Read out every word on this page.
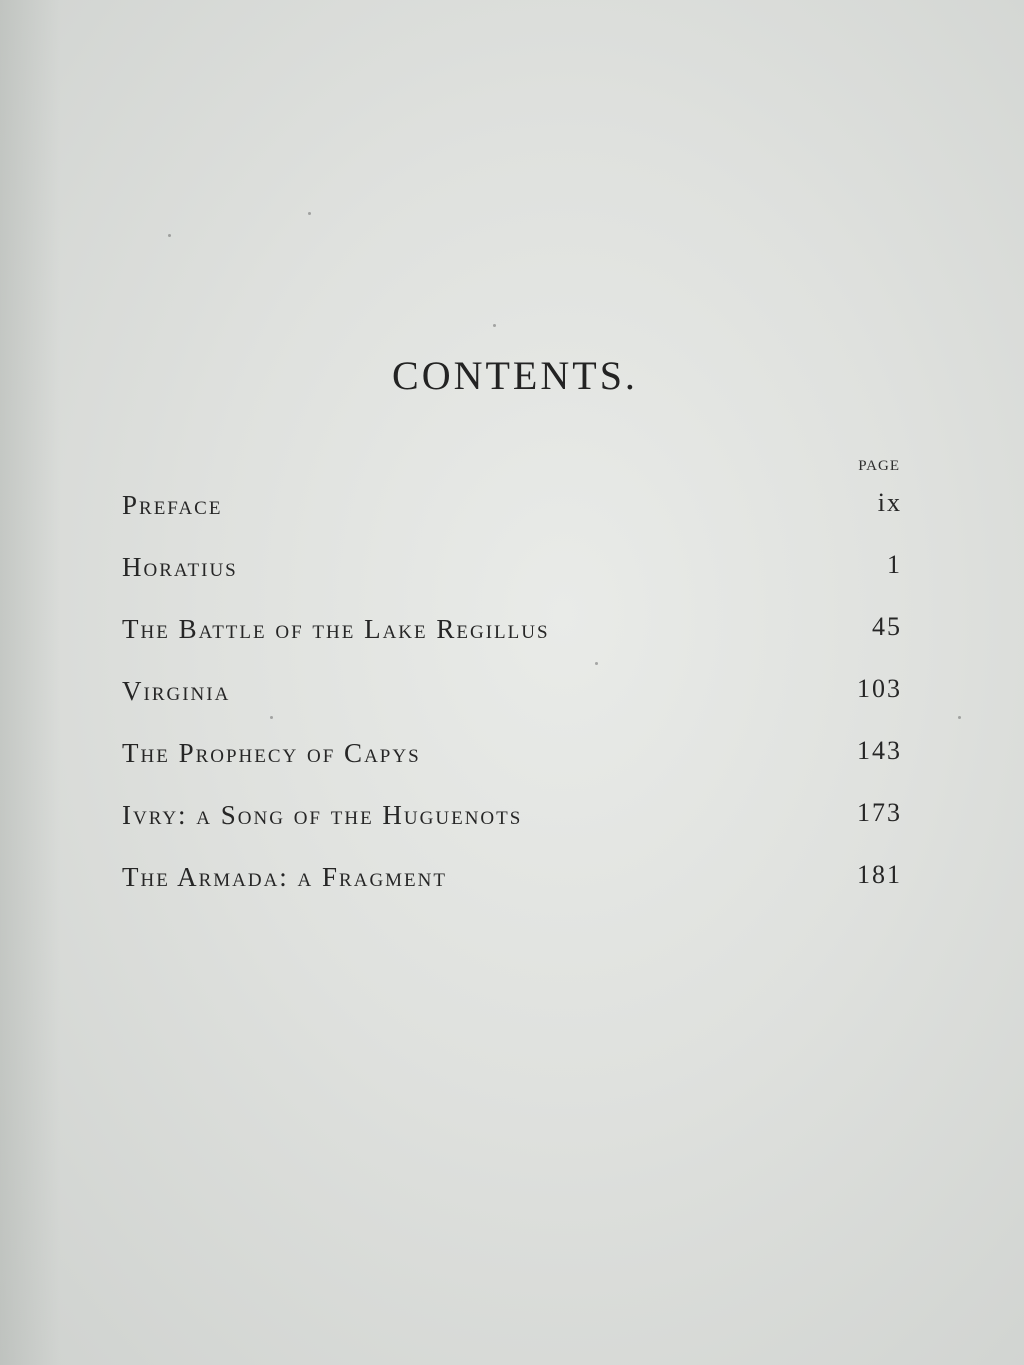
CONTENTS.
PAGE
Preface	ix
Horatius	1
The Battle of the Lake Regillus	45
Virginia	103
The Prophecy of Capys	143
Ivry: a Song of the Huguenots	173
The Armada: a Fragment	181
